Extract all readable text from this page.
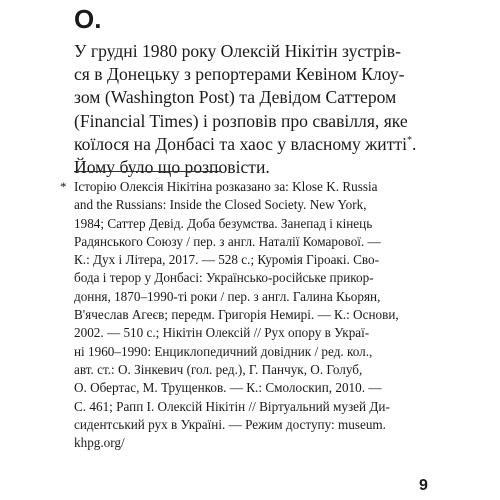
О.
У грудні 1980 року Олексій Нікітін зустрів-
ся в Донецьку з репортерами Кевіном Клоу-
зом (Washington Post) та Девідом Саттером
(Financial Times) і розповів про свавілля, яке
коїлося на Донбасі та хаос у власному житті*.
Йому було що розповісти.
* Історію Олексія Нікітіна розказано за: Klose K. Russia
and the Russians: Inside the Closed Society. New York,
1984; Саттер Девід. Доба безумства. Занепад і кінець
Радянського Союзу / пер. з англ. Наталії Комарової. —
К.: Дух і Літера, 2017. — 528 с.; Куромія Гіроакі. Сво-
бода і терор у Донбасі: Українсько-російське прикор-
доння, 1870–1990-ті роки / пер. з англ. Галина Кьорян,
В'ячеслав Агеєв; передм. Григорія Немирі. — К.: Основи,
2002. — 510 с.; Нікітін Олексій // Рух опору в Украї-
ні 1960–1990: Енциклопедичний довідник / ред. кол.,
авт. ст.: О. Зінкевич (гол. ред.), Г. Панчук, О. Голуб,
О. Обертас, М. Трущенков. — К.: Смолоскип, 2010. —
С. 461; Рапп І. Олексій Нікітін // Віртуальний музей Ди-
сидентський рух в Україні. — Режим доступу: museum.
khpg.org/
9
